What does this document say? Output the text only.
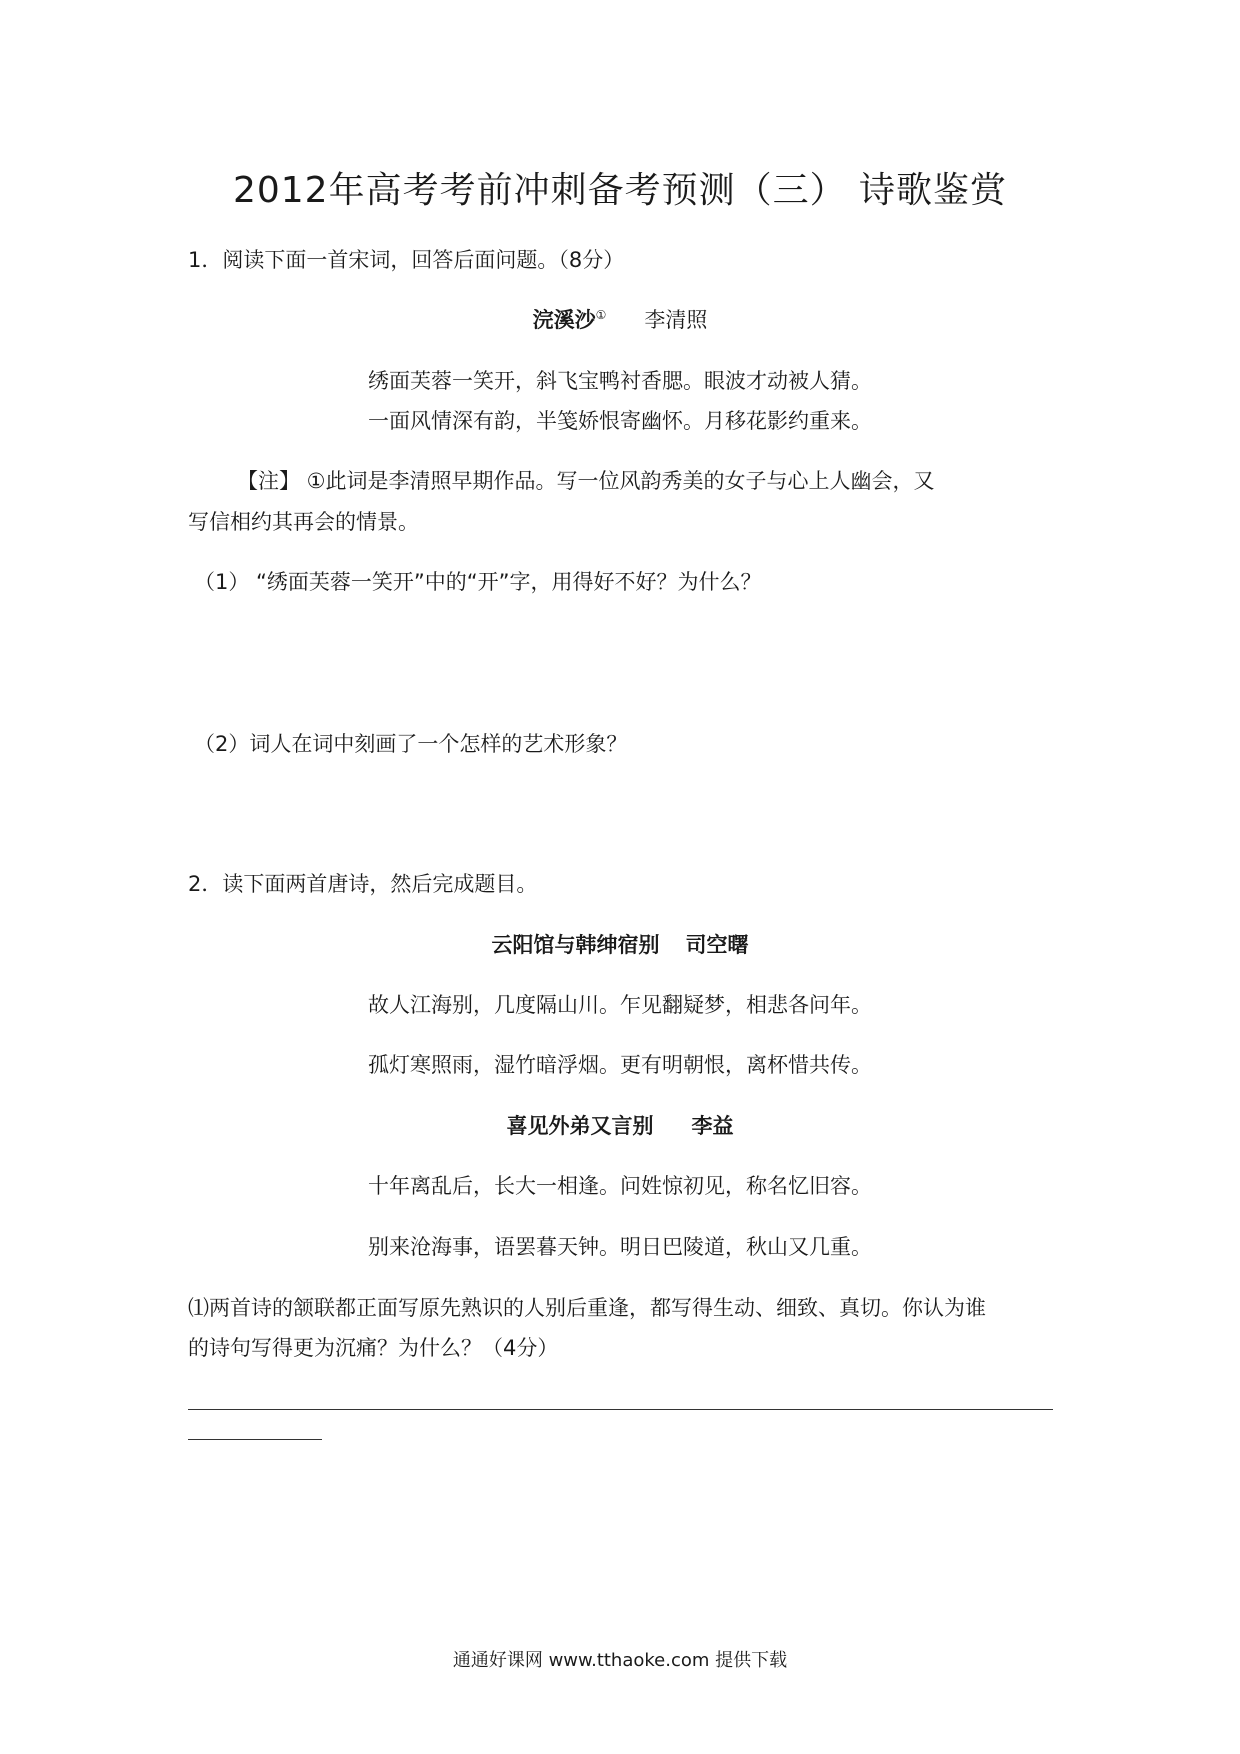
2012年高考考前冲刺备考预测（三） 诗歌鉴赏
1．阅读下面一首宋词，回答后面问题。（8分）
浣溪沙① 李清照
绣面芙蓉一笑开，斜飞宝鸭衬香腮。眼波才动被人猜。
一面风情深有韵，半笺娇恨寄幽怀。月移花影约重来。
【注】 ①此词是李清照早期作品。写一位风韵秀美的女子与心上人幽会，又
写信相约其再会的情景。
（1） “绣面芙蓉一笑开”中的“开”字，用得好不好？为什么？
（2）词人在词中刻画了一个怎样的艺术形象？
2．读下面两首唐诗，然后完成题目。
云阳馆与韩绅宿别 司空曙
故人江海别，几度隔山川。乍见翻疑梦，相悲各问年。
孤灯寒照雨，湿竹暗浮烟。更有明朝恨，离杯惜共传。
喜见外弟又言别 李益
十年离乱后，长大一相逢。问姓惊初见，称名忆旧容。
别来沧海事，语罢暮天钟。明日巴陵道，秋山又几重。
⑴两首诗的颔联都正面写原先熟识的人别后重逢，都写得生动、细致、真切。你认为谁
的诗句写得更为沉痛？为什么？（4分）
通通好课网 www.tthaoke.com 提供下载
